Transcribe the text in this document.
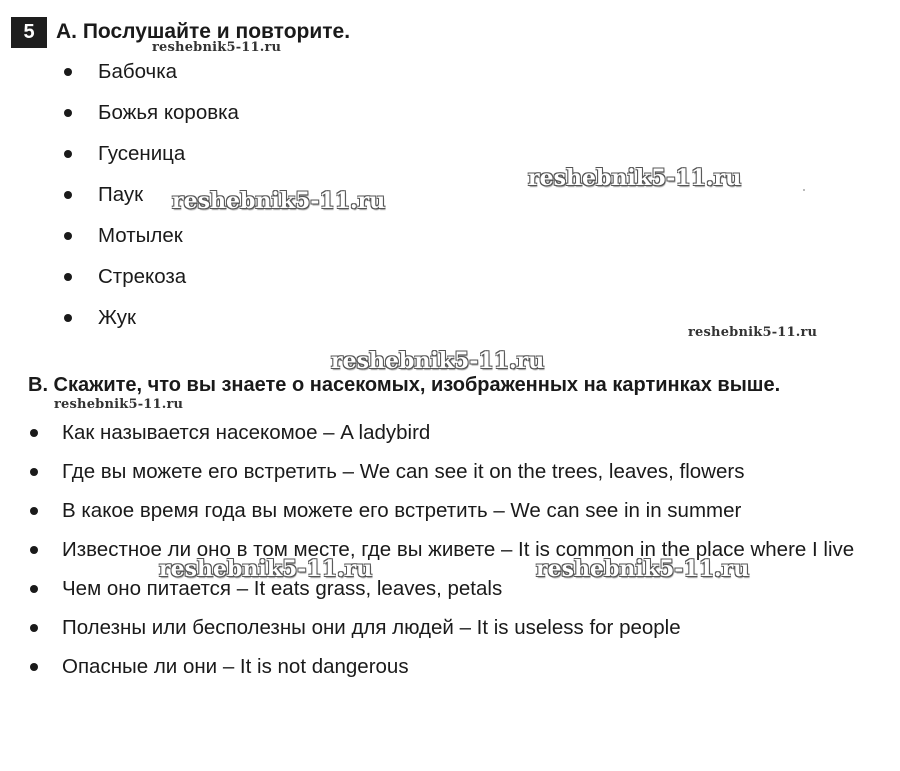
5	A. Послушайте и повторите.
Бабочка
Божья коровка
Гусеница
Паук
Мотылек
Стрекоза
Жук
B. Скажите, что вы знаете о насекомых, изображенных на картинках выше.
Как называется насекомое – A ladybird
Где вы можете его встретить – We can see it on the trees, leaves, flowers
В какое время года вы можете его встретить – We can see in in summer
Известное ли оно в том месте, где вы живете – It is common in the place where I live
Чем оно питается – It eats grass, leaves, petals
Полезны или бесполезны они для людей – It is useless for people
Опасные ли они – It is not dangerous
reshebnik5-11.ru
reshebnik5-11.ru
reshebnik5-11.ru
reshebnik5-11.ru
reshebnik5-11.ru
reshebnik5-11.ru
reshebnik5-11.ru	reshebnik5-11.ru
